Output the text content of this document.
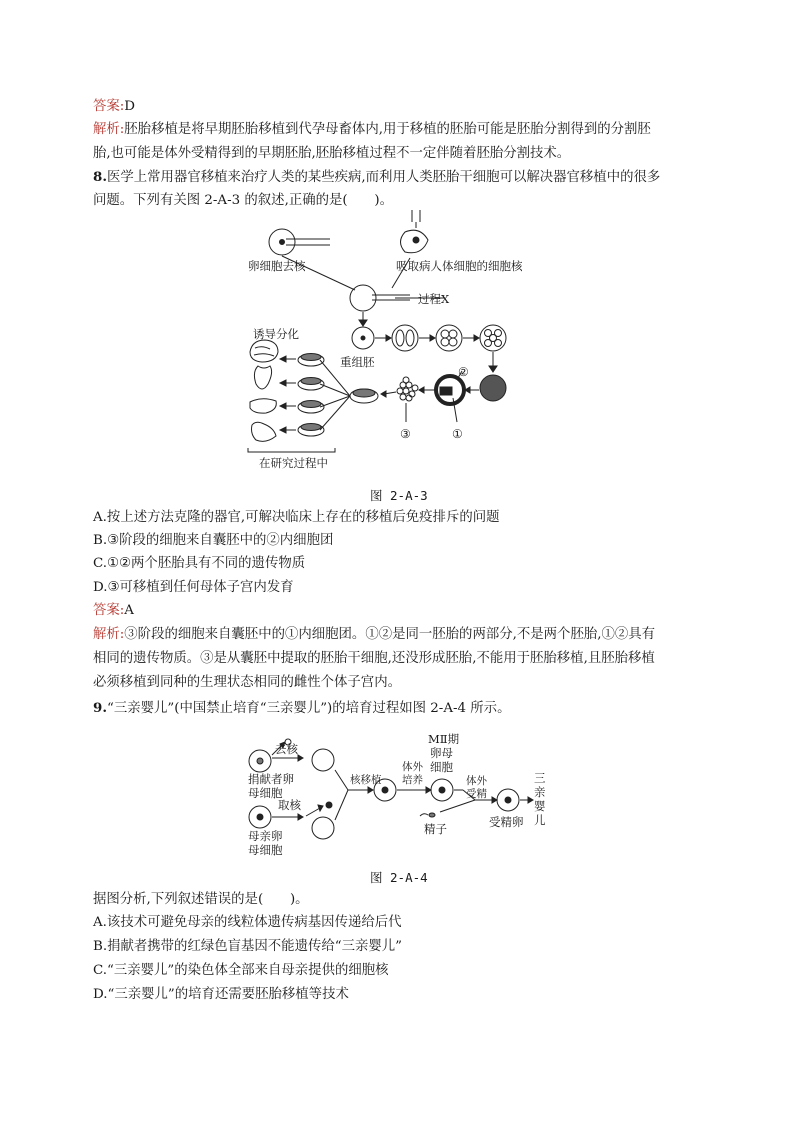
答案:D
解析:胚胎移植是将早期胚胎移植到代孕母畜体内,用于移植的胚胎可能是胚胎分割得到的分割胚
胎,也可能是体外受精得到的早期胚胎,胚胎移植过程不一定伴随着胚胎分割技术。
8.医学上常用器官移植来治疗人类的某些疾病,而利用人类胚胎干细胞可以解决器官移植中的很多
问题。下列有关图 2-A-3 的叙述,正确的是(　　)。
卵细胞去核	吸取病人体细胞的细胞核
过程X
诱导分化
重组胚
在研究过程中
②
①
③
图 2-A-3
A.按上述方法克隆的器官,可解决临床上存在的移植后免疫排斥的问题
B.③阶段的细胞来自囊胚中的②内细胞团
C.①②两个胚胎具有不同的遗传物质
D.③可移植到任何母体子宫内发育
答案:A
解析:③阶段的细胞来自囊胚中的①内细胞团。①②是同一胚胎的两部分,不是两个胚胎,①②具有
相同的遗传物质。③是从囊胚中提取的胚胎干细胞,还没形成胚胎,不能用于胚胎移植,且胚胎移植
必须移植到同种的生理状态相同的雌性个体子宫内。
9.“三亲婴儿”(中国禁止培育“三亲婴儿”)的培育过程如图 2-A-4 所示。
去核
捐献者卵
母细胞
取核
母亲卵
母细胞
核移植
体外
培养
MⅡ期
卵母
细胞
体外
受精
精子	受精卵
三
亲
婴
儿
图 2-A-4
据图分析,下列叙述错误的是(　　)。
A.该技术可避免母亲的线粒体遗传病基因传递给后代
B.捐献者携带的红绿色盲基因不能遗传给“三亲婴儿”
C.“三亲婴儿”的染色体全部来自母亲提供的细胞核
D.“三亲婴儿”的培育还需要胚胎移植等技术
